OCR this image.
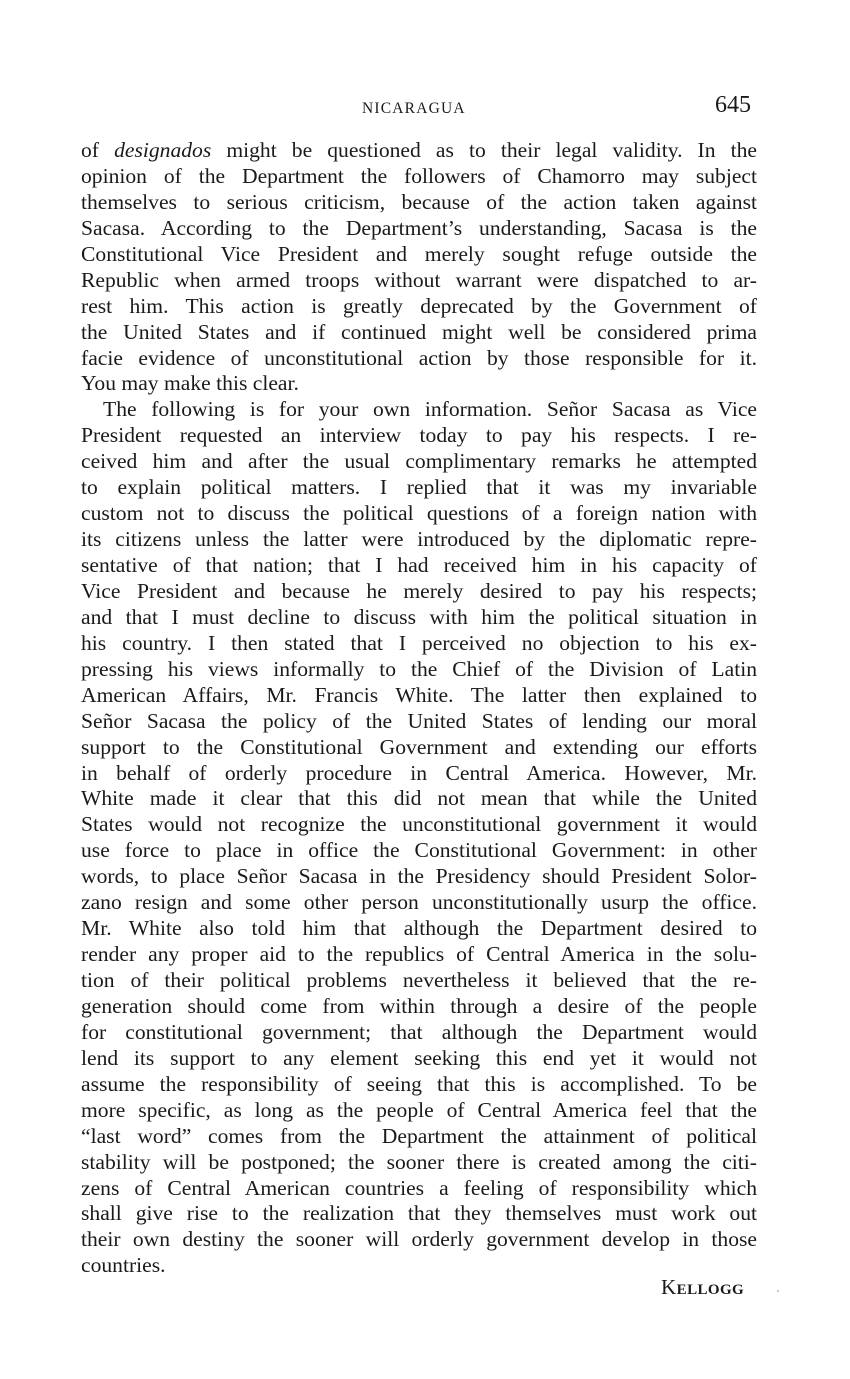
NICARAGUA	645
of designados might be questioned as to their legal validity. In the
opinion of the Department the followers of Chamorro may subject
themselves to serious criticism, because of the action taken against
Sacasa. According to the Department’s understanding, Sacasa is the
Constitutional Vice President and merely sought refuge outside the
Republic when armed troops without warrant were dispatched to ar-
rest him. This action is greatly deprecated by the Government of
the United States and if continued might well be considered prima
facie evidence of unconstitutional action by those responsible for it.
You may make this clear.
The following is for your own information. Señor Sacasa as Vice
President requested an interview today to pay his respects. I re-
ceived him and after the usual complimentary remarks he attempted
to explain political matters. I replied that it was my invariable
custom not to discuss the political questions of a foreign nation with
its citizens unless the latter were introduced by the diplomatic repre-
sentative of that nation; that I had received him in his capacity of
Vice President and because he merely desired to pay his respects;
and that I must decline to discuss with him the political situation in
his country. I then stated that I perceived no objection to his ex-
pressing his views informally to the Chief of the Division of Latin
American Affairs, Mr. Francis White. The latter then explained to
Señor Sacasa the policy of the United States of lending our moral
support to the Constitutional Government and extending our efforts
in behalf of orderly procedure in Central America. However, Mr.
White made it clear that this did not mean that while the United
States would not recognize the unconstitutional government it would
use force to place in office the Constitutional Government: in other
words, to place Señor Sacasa in the Presidency should President Solor-
zano resign and some other person unconstitutionally usurp the office.
Mr. White also told him that although the Department desired to
render any proper aid to the republics of Central America in the solu-
tion of their political problems nevertheless it believed that the re-
generation should come from within through a desire of the people
for constitutional government; that although the Department would
lend its support to any element seeking this end yet it would not
assume the responsibility of seeing that this is accomplished. To be
more specific, as long as the people of Central America feel that the
“last word” comes from the Department the attainment of political
stability will be postponed; the sooner there is created among the citi-
zens of Central American countries a feeling of responsibility which
shall give rise to the realization that they themselves must work out
their own destiny the sooner will orderly government develop in those
countries.
KELLOGG
